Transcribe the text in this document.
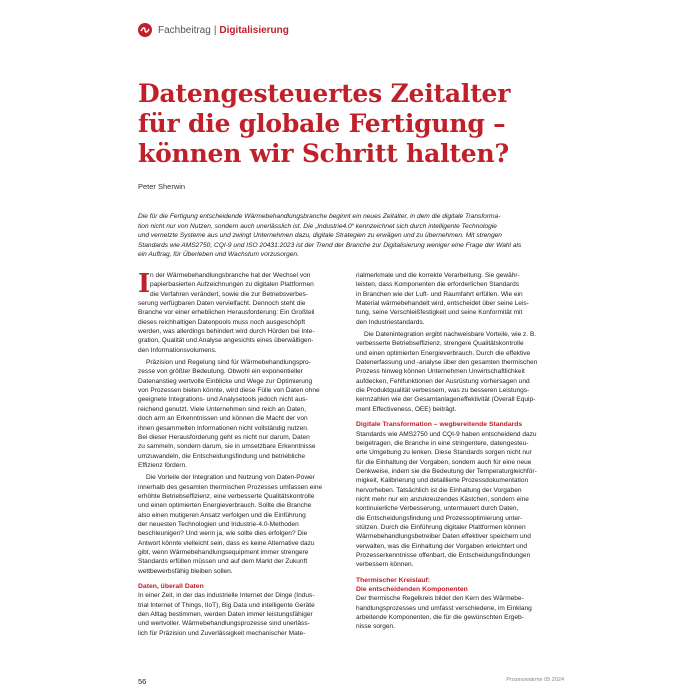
Fachbeitrag | Digitalisierung
Datengesteuertes Zeitalter
für die globale Fertigung –
können wir Schritt halten?
Peter Sherwin
Die für die Fertigung entscheidende Wärmebehandlungsbranche beginnt ein neues Zeitalter, in dem die digitale Transforma-
tion nicht nur von Nutzen, sondern auch unerlässlich ist. Die „Industrie4.0“ kennzeichnet sich durch intelligente Technologie
und vernetzte Systeme aus und zwingt Unternehmen dazu, digitale Strategien zu erwägen und zu übernehmen. Mit strengen
Standards wie AMS2750, CQI-9 und ISO 20431:2023 ist der Trend der Branche zur Digitalisierung weniger eine Frage der Wahl als
ein Auftrag, für Überleben und Wachstum vorzusorgen.
I n der Wärmebehandlungsbranche hat der Wechsel von
papierbasierten Aufzeichnungen zu digitalen Plattformen
die Verfahren verändert, sowie die zur Betriebsverbes-
serung verfügbaren Daten vervielfacht. Dennoch steht die
Branche vor einer erheblichen Herausforderung: Ein Großteil
dieses reichhaltigen Datenpools muss noch ausgeschöpft
werden, was allerdings behindert wird durch Hürden bei Inte-
gration, Qualität und Analyse angesichts eines überwältigen-
den Informationsvolumens.
Präzision und Regelung sind für Wärmebehandlungspro-
zesse von größter Bedeutung. Obwohl ein exponentieller
Datenanstieg wertvolle Einblicke und Wege zur Optimierung
von Prozessen bieten könnte, wird diese Fülle von Daten ohne
geeignete Integrations- und Analysetools jedoch nicht aus-
reichend genutzt. Viele Unternehmen sind reich an Daten,
doch arm an Erkenntnissen und können die Macht der von
ihnen gesammelten Informationen nicht vollständig nutzen.
Bei dieser Herausforderung geht es nicht nur darum, Daten
zu sammeln, sondern darum, sie in umsetzbare Erkenntnisse
umzuwandeln, die Entscheidungsfindung und betriebliche
Effizienz fördern.
Die Vorteile der Integration und Nutzung von Daten-Power
innerhalb des gesamten thermischen Prozesses umfassen eine
erhöhte Betriebseffizienz, eine verbesserte Qualitätskontrolle
und einen optimierten Energieverbrauch. Sollte die Branche
also einen mutigeren Ansatz verfolgen und die Einführung
der neuesten Technologien und Industrie-4.0-Methoden
beschleunigen? Und wenn ja, wie sollte dies erfolgen? Die
Antwort könnte vielleicht sein, dass es keine Alternative dazu
gibt, wenn Wärmebehandlungsequipment immer strengere
Standards erfüllen müssen und auf dem Markt der Zukunft
wettbewerbsfähig bleiben sollen.
Daten, überall Daten
In einer Zeit, in der das industrielle Internet der Dinge (Indus-
trial Internet of Things, IIoT), Big Data und intelligente Geräte
den Alltag bestimmen, werden Daten immer leistungsfähiger
und wertvoller. Wärmebehandlungsprozesse sind unerläss-
lich für Präzision und Zuverlässigkeit mechanischer Mate-
rialmerkmale und die korrekte Verarbeitung. Sie gewähr-
leisten, dass Komponenten die erforderlichen Standards
in Branchen wie der Luft- und Raumfahrt erfüllen. Wie ein
Material wärmebehandelt wird, entscheidet über seine Leis-
tung, seine Verschleißfestigkeit und seine Konformität mit
den Industriestandards.
Die Datenintegration ergibt nachweisbare Vorteile, wie z. B.
verbesserte Betriebseffizienz, strengere Qualitätskontrolle
und einen optimierten Energieverbrauch. Durch die effektive
Datenerfassung und -analyse über den gesamten thermischen
Prozess hinweg können Unternehmen Unwirtschaftlichkeit
aufdecken, Fehlfunktionen der Ausrüstung vorhersagen und
die Produktqualität verbessern, was zu besseren Leistungs-
kennzahlen wie der Gesamtanlageneffektivität (Overall Equip-
ment Effectiveness, OEE) beiträgt.
Digitale Transformation – wegbereitende Standards
Standards wie AMS2750 und CQI-9 haben entscheidend dazu
beigetragen, die Branche in eine stringentere, datengesteu-
erte Umgebung zu lenken. Diese Standards sorgen nicht nur
für die Einhaltung der Vorgaben, sondern auch für eine neue
Denkweise, indem sie die Bedeutung der Temperaturgleichför-
migkeit, Kalibrierung und detaillierte Prozessdokumentation
hervorheben. Tatsächlich ist die Einhaltung der Vorgaben
nicht mehr nur ein anzukreuzendes Kästchen, sondern eine
kontinuierliche Verbesserung, untermauert durch Daten,
die Entscheidungsfindung und Prozessoptimierung unter-
stützen. Durch die Einführung digitaler Plattformen können
Wärmebehandlungsbetreiber Daten effektiver speichern und
verwalten, was die Einhaltung der Vorgaben erleichtert und
Prozesserkenntnisse offenbart, die Entscheidungsfindungen
verbessern können.
Thermischer Kreislauf:
Die entscheidenden Komponenten
Der thermische Regelkreis bildet den Kern des Wärmebe-
handlungsprozesses und umfasst verschiedene, im Einklang
arbeitende Komponenten, die für die gewünschten Ergeb-
nisse sorgen.
56	Prozesswärme 05 2024
